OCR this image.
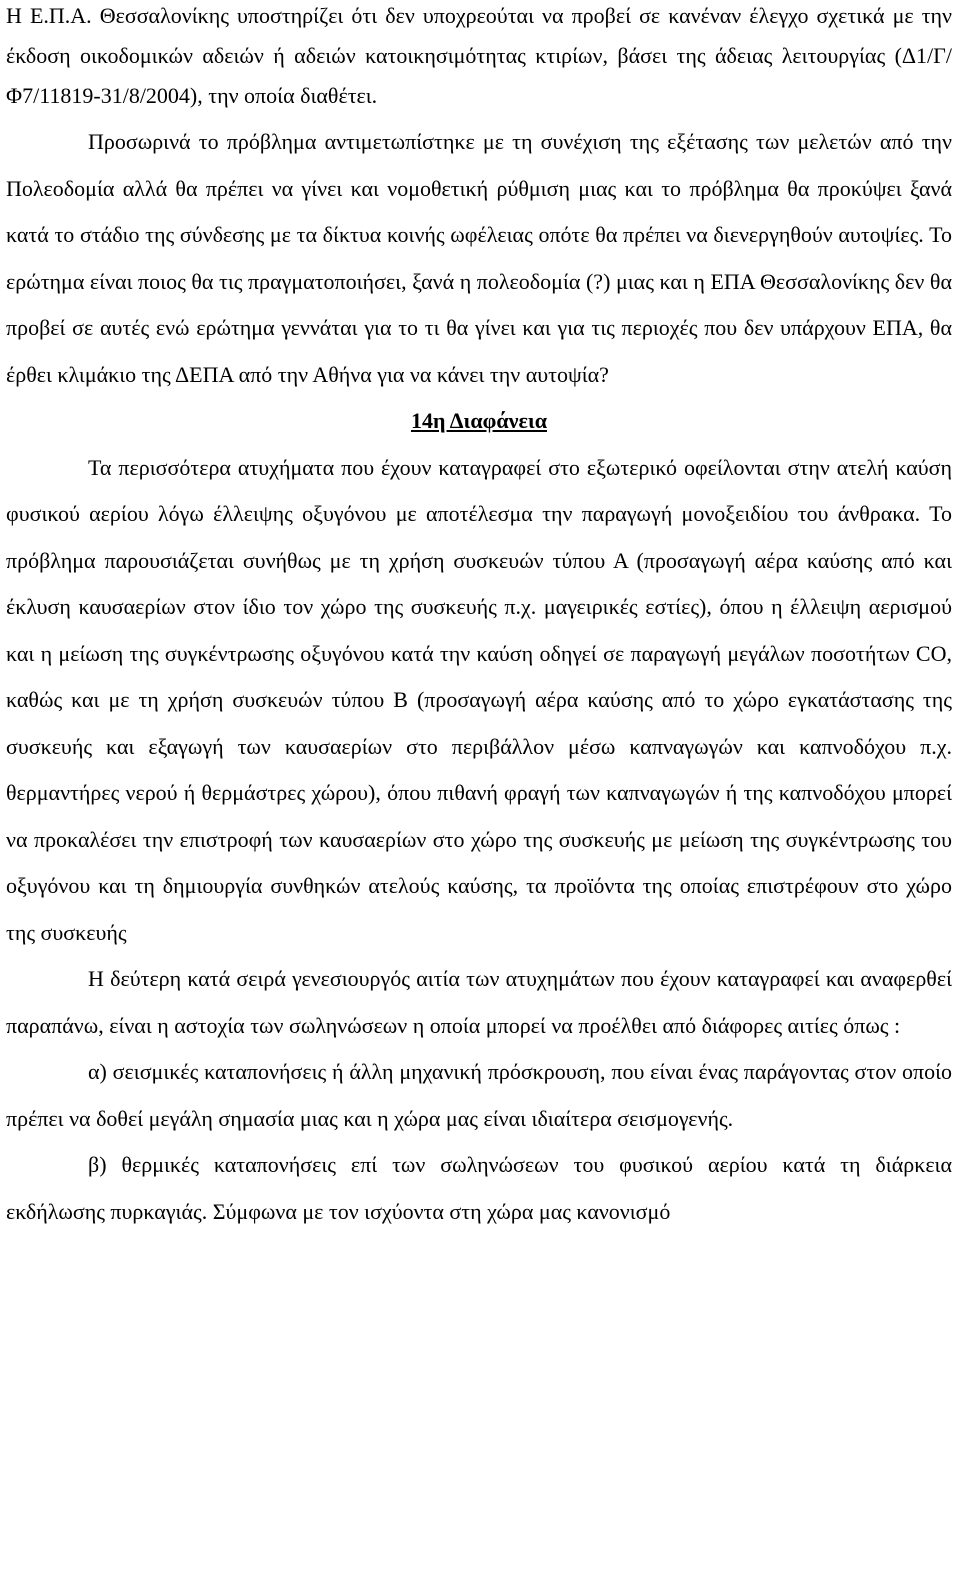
Η Ε.Π.Α. Θεσσαλονίκης υποστηρίζει ότι δεν υποχρεούται να προβεί σε κανέναν έλεγχο σχετικά με την έκδοση οικοδομικών αδειών ή αδειών κατοικησιμότητας κτιρίων, βάσει της άδειας λειτουργίας (Δ1/Γ/Φ7/11819-31/8/2004), την οποία διαθέτει.

Προσωρινά το πρόβλημα αντιμετωπίστηκε με τη συνέχιση της εξέτασης των μελετών από την Πολεοδομία αλλά θα πρέπει να γίνει και νομοθετική ρύθμιση μιας και το πρόβλημα θα προκύψει ξανά κατά το στάδιο της σύνδεσης με τα δίκτυα κοινής ωφέλειας οπότε θα πρέπει να διενεργηθούν αυτοψίες. Το ερώτημα είναι ποιος θα τις πραγματοποιήσει, ξανά η πολεοδομία (?) μιας και η ΕΠΑ Θεσσαλονίκης δεν θα προβεί σε αυτές ενώ ερώτημα γεννάται για το τι θα γίνει και για τις περιοχές που δεν υπάρχουν ΕΠΑ, θα έρθει κλιμάκιο της ΔΕΠΑ από την Αθήνα για να κάνει την αυτοψία?

14η Διαφάνεια

Τα περισσότερα ατυχήματα που έχουν καταγραφεί στο εξωτερικό οφείλονται στην ατελή καύση φυσικού αερίου λόγω έλλειψης οξυγόνου με αποτέλεσμα την παραγωγή μονοξειδίου του άνθρακα. Το πρόβλημα παρουσιάζεται συνήθως με τη χρήση συσκευών τύπου Α (προσαγωγή αέρα καύσης από και έκλυση καυσαερίων στον ίδιο τον χώρο της συσκευής π.χ. μαγειρικές εστίες), όπου η έλλειψη αερισμού και η μείωση της συγκέντρωσης οξυγόνου κατά την καύση οδηγεί σε παραγωγή μεγάλων ποσοτήτων CO, καθώς και με τη χρήση συσκευών τύπου Β (προσαγωγή αέρα καύσης από το χώρο εγκατάστασης της συσκευής και εξαγωγή των καυσαερίων στο περιβάλλον μέσω καπναγωγών και καπνοδόχου π.χ. θερμαντήρες νερού ή θερμάστρες χώρου), όπου πιθανή φραγή των καπναγωγών ή της καπνοδόχου μπορεί να προκαλέσει την επιστροφή των καυσαερίων στο χώρο της συσκευής με μείωση της συγκέντρωσης του οξυγόνου και τη δημιουργία συνθηκών ατελούς καύσης, τα προϊόντα της οποίας επιστρέφουν στο χώρο της συσκευής

Η δεύτερη κατά σειρά γενεσιουργός αιτία των ατυχημάτων που έχουν καταγραφεί και αναφερθεί παραπάνω, είναι η αστοχία των σωληνώσεων η οποία μπορεί να προέλθει από διάφορες αιτίες όπως :

α) σεισμικές καταπονήσεις ή άλλη μηχανική πρόσκρουση, που είναι ένας παράγοντας στον οποίο πρέπει να δοθεί μεγάλη σημασία μιας και η χώρα μας είναι ιδιαίτερα σεισμογενής.

β) θερμικές καταπονήσεις επί των σωληνώσεων του φυσικού αερίου κατά τη διάρκεια εκδήλωσης πυρκαγιάς. Σύμφωνα με τον ισχύοντα στη χώρα μας κανονισμό
